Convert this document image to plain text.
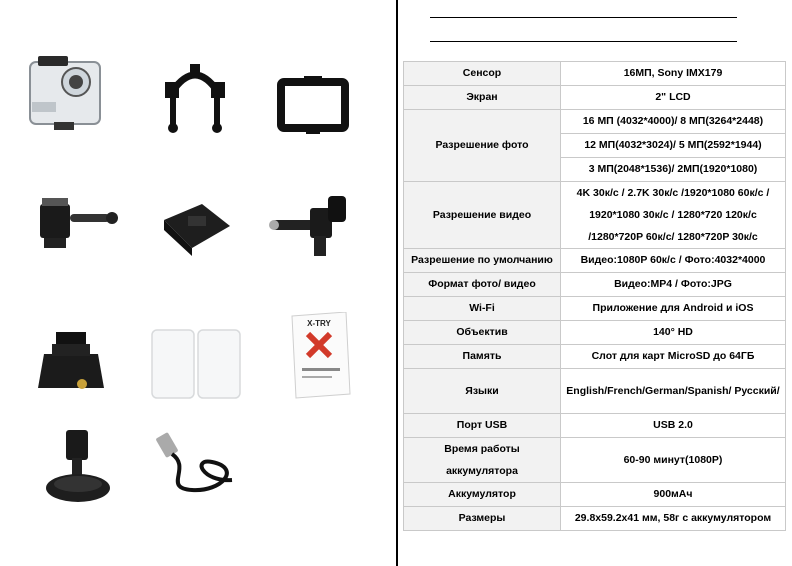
X-TRY
Сенсор	16МП, Sony IMX179
Экран	2" LCD
Разрешение фото	16 МП (4032*4000)/ 8 МП(3264*2448)
	12 МП(4032*3024)/ 5 МП(2592*1944)
	3 МП(2048*1536)/ 2МП(1920*1080)
Разрешение видео	4K 30к/с / 2.7K 30к/с /1920*1080 60к/с /
1920*1080 30к/с / 1280*720 120к/с
/1280*720P 60к/с/ 1280*720P 30к/с

Разрешение по умолчанию	Видео:1080P 60к/с / Фото:4032*4000
Формат фото/ видео	Видео:MP4 / Фото:JPG
Wi-Fi	Приложение для Android и iOS
Объектив	140° HD
Память	Слот для карт MicroSD до 64ГБ
Языки	English/French/German/Spanish/ Русский/
Порт USB	USB 2.0

Время работы
аккумулятора	60-90 минут(1080P)
Аккумулятор	900мАч
Размеры	29.8x59.2x41 мм, 58г с аккумулятором
